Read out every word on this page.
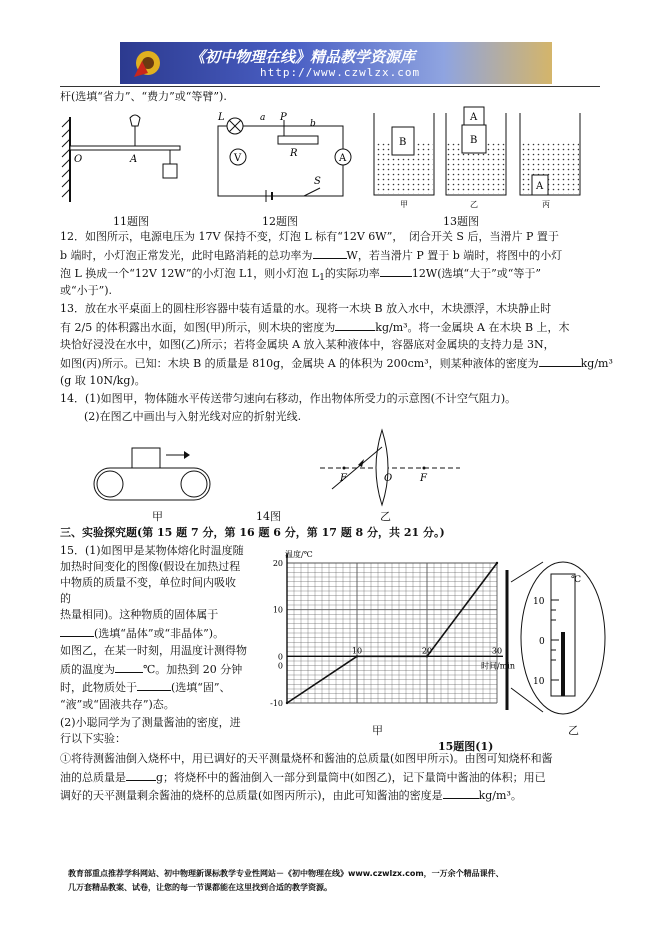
《初中物理在线》精品教学资源库
http://www.czwlzx.com
杆(选填“省力”、“费力”或“等臂”).
O	A
11题图
L	a P
b
R
V	A
S
12题图
B
A
B
A
甲	乙	丙
13题图
12．如图所示，电源电压为 17V 保持不变，灯泡 L 标有“12V 6W”，　闭合开关 S 后，当滑片 P 置于
b 端时，小灯泡正常发光，此时电路消耗的总功率为	W，若当滑片 P 置于 b 端时，将图中的小灯
泡 L 换成一个“12V 12W”的小灯泡 L1，则小灯泡 $L_1$的实际功率	12W(选填“大于”或“等于”
或“小于”).
13．放在水平桌面上的圆柱形容器中装有适量的水。现将一木块 B 放入水中，木块漂浮，木块静止时
有 2/5 的体积露出水面，如图(甲)所示，则木块的密度为	kg/m³。将一金属块 A 在木块 B 上，木
块恰好浸没在水中，如图(乙)所示；若将金属块 A 放入某种液体中，容器底对金属块的支持力是 3N，
如图(丙)所示。已知：木块 B 的质量是 810g，金属块 A 的体积为 200cm³，则某种液体的密度为	kg/m³
(g 取 10N/kg)。
14．(1)如图甲，物体随水平传送带匀速向右移动，作出物体所受力的示意图(不计空气阻力)。
(2)在图乙中画出与入射光线对应的折射光线.
甲	14图
F	O	F
乙
三、实验探究题(第 15 题 7 分，第 16 题 6 分，第 17 题 8 分，共 21 分。)
15．(1)如图甲是某物体熔化时温度随
加热时间变化的图像(假设在加热过程
中物质的质量不变，单位时间内吸收
的
热量相同)。这种物质的固体属于
(选填“晶体”或“非晶体”)。
如图乙，在某一时刻，用温度计测得物
质的温度为	℃。加热到 20 分钟
时，此物质处于	(选填“固”、
“液”或“固液共存”)态。
(2)小聪同学为了测量酱油的密度，进
行以下实验：
-10
0
10
20
10	20	30
0
温度/℃
时间/min
甲
℃
10
0
10
乙
15题图(1)
①将待测酱油倒入烧杯中，用已调好的天平测量烧杯和酱油的总质量(如图甲所示)。由图可知烧杯和酱
油的总质量是	g；将烧杯中的酱油倒入一部分到量筒中(如图乙)，记下量筒中酱油的体积；用已
调好的天平测量剩余酱油的烧杯的总质量(如图丙所示)，由此可知酱油的密度是	kg/m³。
教育部重点推荐学科网站、初中物理新课标教学专业性网站－《初中物理在线》www.czwlzx.com，一万余个精品课件、
几万套精品教案、试卷，让您的每一节课都能在这里找到合适的教学资源。
